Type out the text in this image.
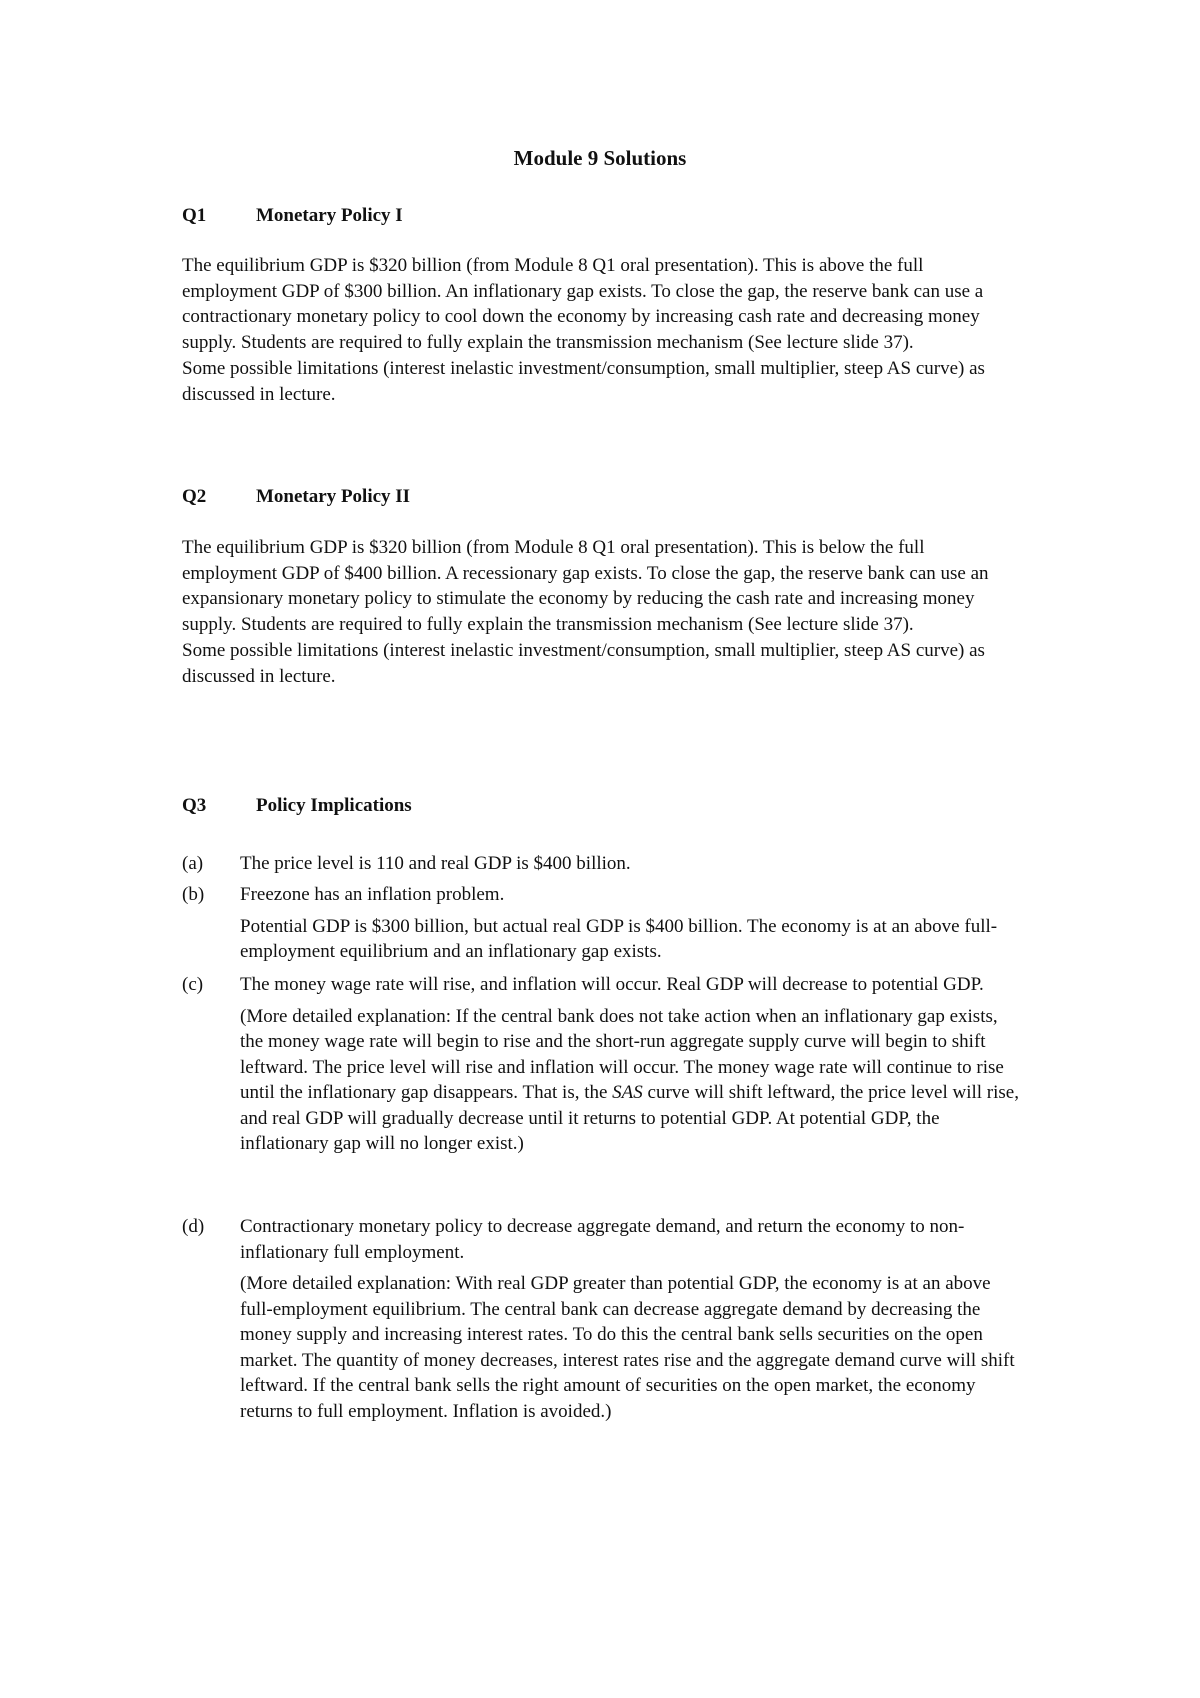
Module 9 Solutions
Q1	Monetary Policy I

The equilibrium GDP is $320 billion (from Module 8 Q1 oral presentation). This is above the full employment GDP of $300 billion. An inflationary gap exists. To close the gap, the reserve bank can use a contractionary monetary policy to cool down the economy by increasing cash rate and decreasing money supply. Students are required to fully explain the transmission mechanism (See lecture slide 37).

Some possible limitations (interest inelastic investment/consumption, small multiplier, steep AS curve) as discussed in lecture.

Q2	Monetary Policy II

The equilibrium GDP is $320 billion (from Module 8 Q1 oral presentation). This is below the full employment GDP of $400 billion. A recessionary gap exists. To close the gap, the reserve bank can use an expansionary monetary policy to stimulate the economy by reducing the cash rate and increasing money supply. Students are required to fully explain the transmission mechanism (See lecture slide 37).

Some possible limitations (interest inelastic investment/consumption, small multiplier, steep AS curve) as discussed in lecture.

Q3	Policy Implications
(a)	The price level is 110 and real GDP is $400 billion.

(b)	Freezone has an inflation problem.

Potential GDP is $300 billion, but actual real GDP is $400 billion. The economy is at an above full-employment equilibrium and an inflationary gap exists.

(c)	The money wage rate will rise, and inflation will occur. Real GDP will decrease to potential GDP.

(More detailed explanation: If the central bank does not take action when an inflationary gap exists, the money wage rate will begin to rise and the short-run aggregate supply curve will begin to shift leftward. The price level will rise and inflation will occur. The money wage rate will continue to rise until the inflationary gap disappears. That is, the SAS curve will shift leftward, the price level will rise, and real GDP will gradually decrease until it returns to potential GDP. At potential GDP, the inflationary gap will no longer exist.)

(d)	Contractionary monetary policy to decrease aggregate demand, and return the economy to non-inflationary full employment.

(More detailed explanation: With real GDP greater than potential GDP, the economy is at an above full-employment equilibrium. The central bank can decrease aggregate demand by decreasing the money supply and increasing interest rates. To do this the central bank sells securities on the open market. The quantity of money decreases, interest rates rise and the aggregate demand curve will shift leftward. If the central bank sells the right amount of securities on the open market, the economy returns to full employment. Inflation is avoided.)
